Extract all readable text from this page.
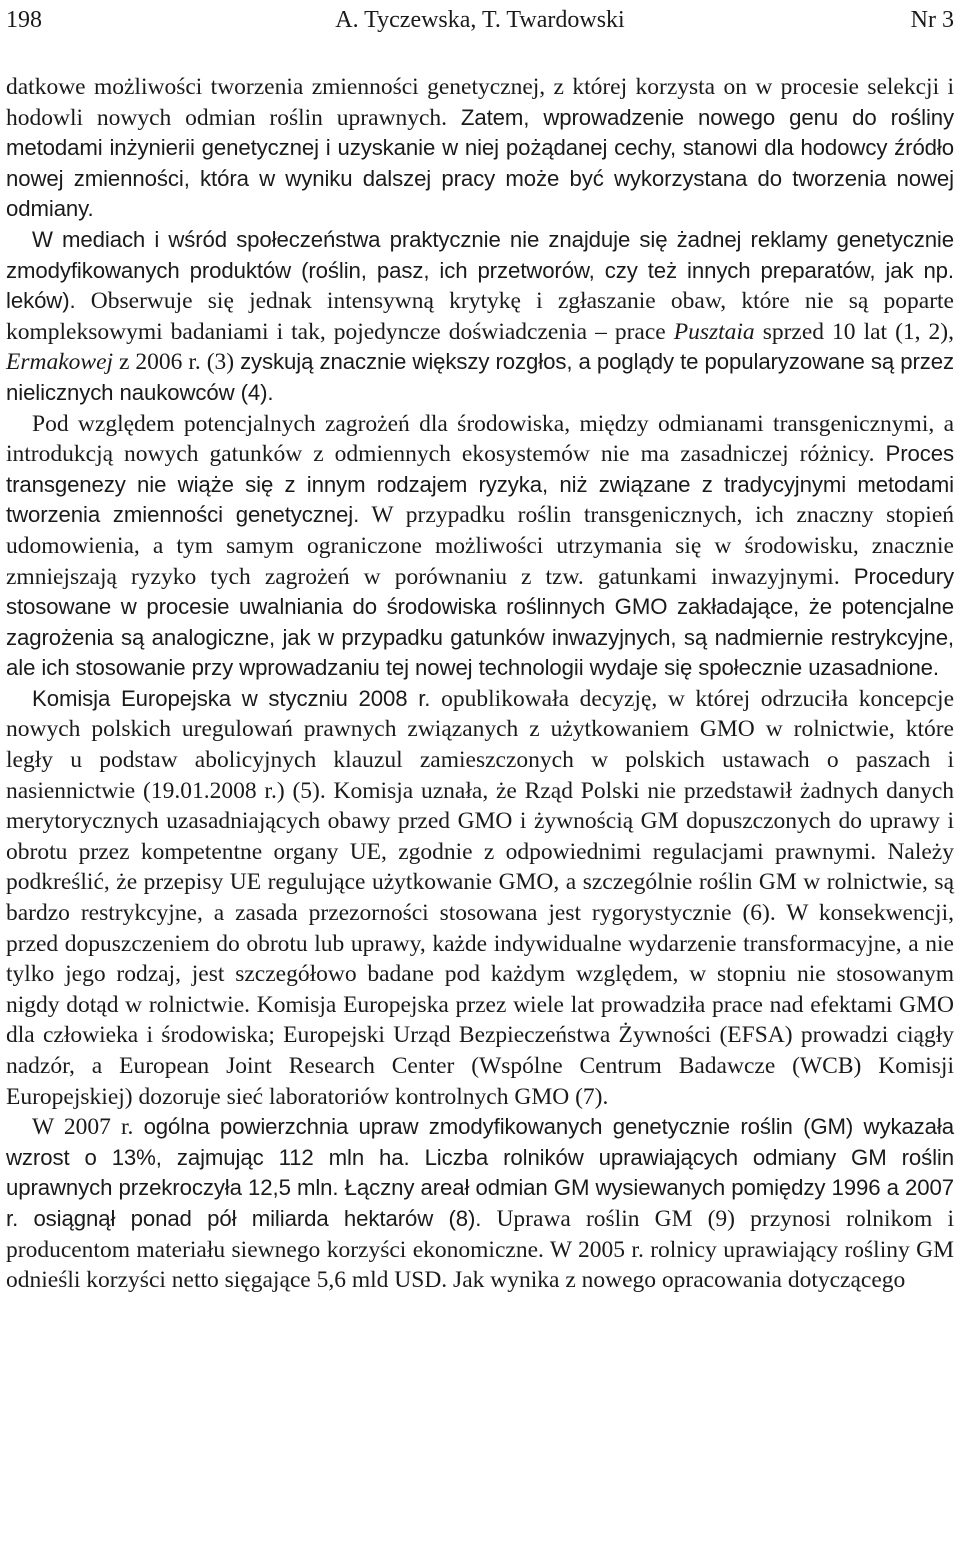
198	A. Tyczewska, T. Twardowski	Nr 3

datkowe możliwości tworzenia zmienności genetycznej, z której korzysta on w procesie selekcji i hodowli nowych odmian roślin uprawnych. Zatem, wprowadzenie nowego genu do rośliny metodami inżynierii genetycznej i uzyskanie w niej pożądanej cechy, stanowi dla hodowcy źródło nowej zmienności, która w wyniku dalszej pracy może być wykorzystana do tworzenia nowej odmiany.

W mediach i wśród społeczeństwa praktycznie nie znajduje się żadnej reklamy genetycznie zmodyfikowanych produktów (roślin, pasz, ich przetworów, czy też innych preparatów, jak np. leków). Obserwuje się jednak intensywną krytykę i zgłaszanie obaw, które nie są poparte kompleksowymi badaniami i tak, pojedyncze doświadczenia – prace Pusztaia sprzed 10 lat (1, 2), Ermakowej z 2006 r. (3) zyskują znacznie większy rozgłos, a poglądy te popularyzowane są przez nielicznych naukowców (4).

Pod względem potencjalnych zagrożeń dla środowiska, między odmianami transgenicznymi, a introdukcją nowych gatunków z odmiennych ekosystemów nie ma zasadniczej różnicy. Proces transgenezy nie wiąże się z innym rodzajem ryzyka, niż związane z tradycyjnymi metodami tworzenia zmienności genetycznej. W przypadku roślin transgenicznych, ich znaczny stopień udomowienia, a tym samym ograniczone możliwości utrzymania się w środowisku, znacznie zmniejszają ryzyko tych zagrożeń w porównaniu z tzw. gatunkami inwazyjnymi. Procedury stosowane w procesie uwalniania do środowiska roślinnych GMO zakładające, że potencjalne zagrożenia są analogiczne, jak w przypadku gatunków inwazyjnych, są nadmiernie restrykcyjne, ale ich stosowanie przy wprowadzaniu tej nowej technologii wydaje się społecznie uzasadnione.

Komisja Europejska w styczniu 2008 r. opublikowała decyzję, w której odrzuciła koncepcje nowych polskich uregulowań prawnych związanych z użytkowaniem GMO w rolnictwie, które legły u podstaw abolicyjnych klauzul zamieszczonych w polskich ustawach o paszach i nasiennictwie (19.01.2008 r.) (5). Komisja uznała, że Rząd Polski nie przedstawił żadnych danych merytorycznych uzasadniających obawy przed GMO i żywnością GM dopuszczonych do uprawy i obrotu przez kompetentne organy UE, zgodnie z odpowiednimi regulacjami prawnymi. Należy podkreślić, że przepisy UE regulujące użytkowanie GMO, a szczególnie roślin GM w rolnictwie, są bardzo restrykcyjne, a zasada przezorności stosowana jest rygorystycznie (6). W konsekwencji, przed dopuszczeniem do obrotu lub uprawy, każde indywidualne wydarzenie transformacyjne, a nie tylko jego rodzaj, jest szczegółowo badane pod każdym względem, w stopniu nie stosowanym nigdy dotąd w rolnictwie. Komisja Europejska przez wiele lat prowadziła prace nad efektami GMO dla człowieka i środowiska; Europejski Urząd Bezpieczeństwa Żywności (EFSA) prowadzi ciągły nadzór, a European Joint Research Center (Wspólne Centrum Badawcze (WCB) Komisji Europejskiej) dozoruje sieć laboratoriów kontrolnych GMO (7).

W 2007 r. ogólna powierzchnia upraw zmodyfikowanych genetycznie roślin (GM) wykazała wzrost o 13%, zajmując 112 mln ha. Liczba rolników uprawiających odmiany GM roślin uprawnych przekroczyła 12,5 mln. Łączny areał odmian GM wysiewanych pomiędzy 1996 a 2007 r. osiągnął ponad pół miliarda hektarów (8). Uprawa roślin GM (9) przynosi rolnikom i producentom materiału siewnego korzyści ekonomiczne. W 2005 r. rolnicy uprawiający rośliny GM odnieśli korzyści netto sięgające 5,6 mld USD. Jak wynika z nowego opracowania dotyczącego
